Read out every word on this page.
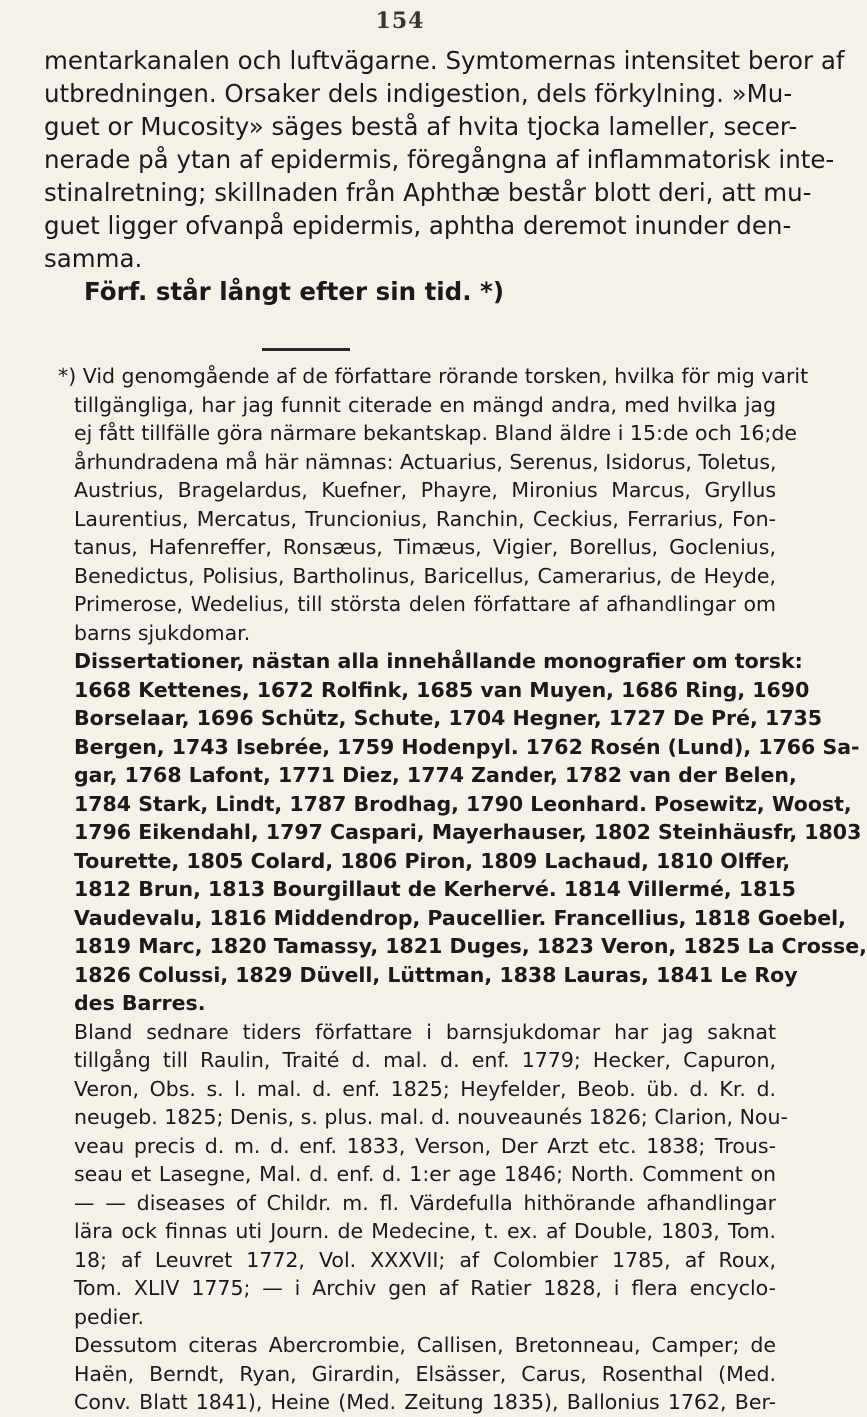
154
mentarkanalen och luftvägarne. Symtomernas intensitet beror af
utbredningen. Orsaker dels indigestion, dels förkylning. »Mu-
guet or Mucosity» säges bestå af hvita tjocka lameller, secer-
nerade på ytan af epidermis, föregångna af inflammatorisk inte-
stinalretning; skillnaden från Aphthæ består blott deri, att mu-
guet ligger ofvanpå epidermis, aphtha deremot inunder den-
samma.
Förf. står långt efter sin tid. *)
*) Vid genomgående af de författare rörande torsken, hvilka för mig varit
tillgängliga, har jag funnit citerade en mängd andra, med hvilka jag
ej fått tillfälle göra närmare bekantskap. Bland äldre i 15:de och 16;de
århundradena må här nämnas: Actuarius, Serenus, Isidorus, Toletus,
Austrius, Bragelardus, Kuefner, Phayre, Mironius Marcus, Gryllus
Laurentius, Mercatus, Truncionius, Ranchin, Ceckius, Ferrarius, Fon-
tanus, Hafenreffer, Ronsæus, Timæus, Vigier, Borellus, Goclenius,
Benedictus, Polisius, Bartholinus, Baricellus, Camerarius, de Heyde,
Primerose, Wedelius, till största delen författare af afhandlingar om
barns sjukdomar.
Dissertationer, nästan alla innehållande monografier om torsk:
1668 Kettenes, 1672 Rolfink, 1685 van Muyen, 1686 Ring, 1690
Borselaar, 1696 Schütz, Schute, 1704 Hegner, 1727 De Pré, 1735
Bergen, 1743 Isebrée, 1759 Hodenpyl. 1762 Rosén (Lund), 1766 Sa-
gar, 1768 Lafont, 1771 Diez, 1774 Zander, 1782 van der Belen,
1784 Stark, Lindt, 1787 Brodhag, 1790 Leonhard. Posewitz, Woost,
1796 Eikendahl, 1797 Caspari, Mayerhauser, 1802 Steinhäusfr, 1803
Tourette, 1805 Colard, 1806 Piron, 1809 Lachaud, 1810 Olffer,
1812 Brun, 1813 Bourgillaut de Kerhervé. 1814 Villermé, 1815
Vaudevalu, 1816 Middendrop, Paucellier. Francellius, 1818 Goebel,
1819 Marc, 1820 Tamassy, 1821 Duges, 1823 Veron, 1825 La Crosse,
1826 Colussi, 1829 Düvell, Lüttman, 1838 Lauras, 1841 Le Roy
des Barres.
Bland sednare tiders författare i barnsjukdomar har jag saknat
tillgång till Raulin, Traité d. mal. d. enf. 1779; Hecker, Capuron,
Veron, Obs. s. l. mal. d. enf. 1825; Heyfelder, Beob. üb. d. Kr. d.
neugeb. 1825; Denis, s. plus. mal. d. nouveaunés 1826; Clarion, Nou-
veau precis d. m. d. enf. 1833, Verson, Der Arzt etc. 1838; Trous-
seau et Lasegne, Mal. d. enf. d. 1:er age 1846; North. Comment on
— — diseases of Childr. m. fl. Värdefulla hithörande afhandlingar
lära ock finnas uti Journ. de Medecine, t. ex. af Double, 1803, Tom.
18; af Leuvret 1772, Vol. XXXVII; af Colombier 1785, af Roux,
Tom. XLIV 1775; — i Archiv gen af Ratier 1828, i flera encyclo-
pedier.
Dessutom citeras Abercrombie, Callisen, Bretonneau, Camper; de
Haën, Berndt, Ryan, Girardin, Elsässer, Carus, Rosenthal (Med.
Conv. Blatt 1841), Heine (Med. Zeitung 1835), Ballonius 1762, Ber-
